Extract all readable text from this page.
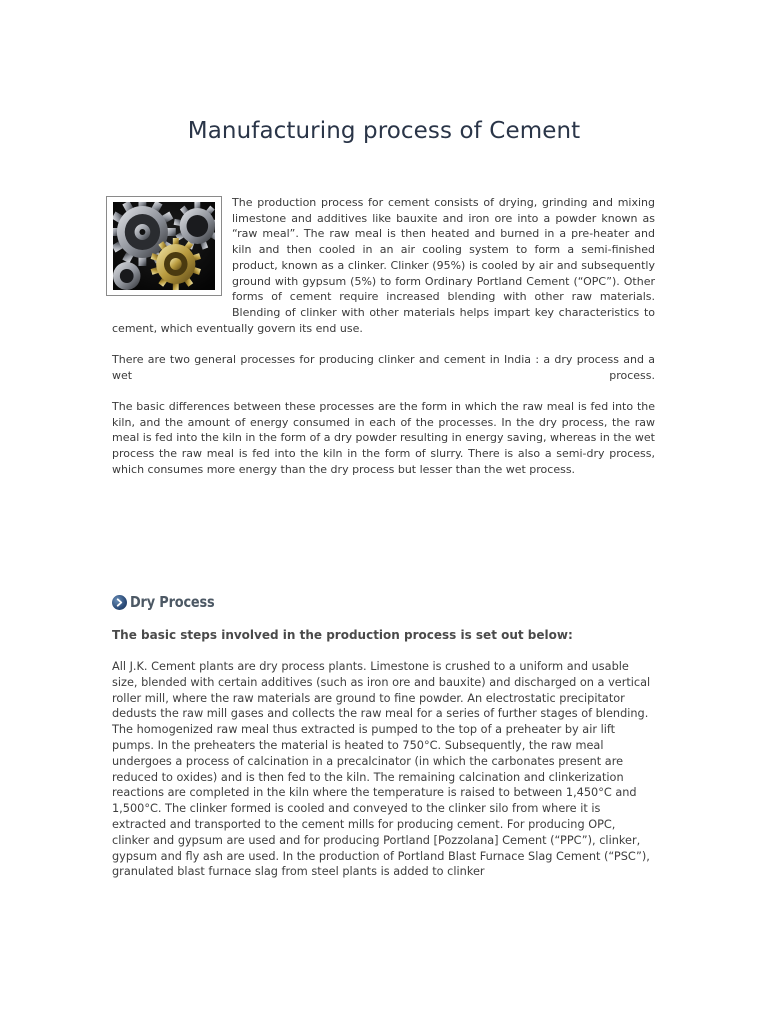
Manufacturing process of Cement

The production process for cement consists of drying, grinding and mixing limestone and additives like bauxite and iron ore into a powder known as “raw meal”. The raw meal is then heated and burned in a pre-heater and kiln and then cooled in an air cooling system to form a semi-finished product, known as a clinker. Clinker (95%) is cooled by air and subsequently ground with gypsum (5%) to form Ordinary Portland Cement (“OPC”). Other forms of cement require increased blending with other raw materials. Blending of clinker with other materials helps impart key characteristics to cement, which eventually govern its end use.

There are two general processes for producing clinker and cement in India : a dry process and a wet process.

The basic differences between these processes are the form in which the raw meal is fed into the kiln, and the amount of energy consumed in each of the processes. In the dry process, the raw meal is fed into the kiln in the form of a dry powder resulting in energy saving, whereas in the wet process the raw meal is fed into the kiln in the form of slurry. There is also a semi-dry process, which consumes more energy than the dry process but lesser than the wet process.

Dry Process

The basic steps involved in the production process is set out below:

All J.K. Cement plants are dry process plants. Limestone is crushed to a uniform and usable size, blended with certain additives (such as iron ore and bauxite) and discharged on a vertical roller mill, where the raw materials are ground to fine powder. An electrostatic precipitator dedusts the raw mill gases and collects the raw meal for a series of further stages of blending. The homogenized raw meal thus extracted is pumped to the top of a preheater by air lift pumps. In the preheaters the material is heated to 750°C. Subsequently, the raw meal undergoes a process of calcination in a precalcinator (in which the carbonates present are reduced to oxides) and is then fed to the kiln. The remaining calcination and clinkerization reactions are completed in the kiln where the temperature is raised to between 1,450°C and 1,500°C. The clinker formed is cooled and conveyed to the clinker silo from where it is extracted and transported to the cement mills for producing cement. For producing OPC, clinker and gypsum are used and for producing Portland [Pozzolana] Cement (“PPC”), clinker, gypsum and fly ash are used. In the production of Portland Blast Furnace Slag Cement (“PSC”), granulated blast furnace slag from steel plants is added to clinker
